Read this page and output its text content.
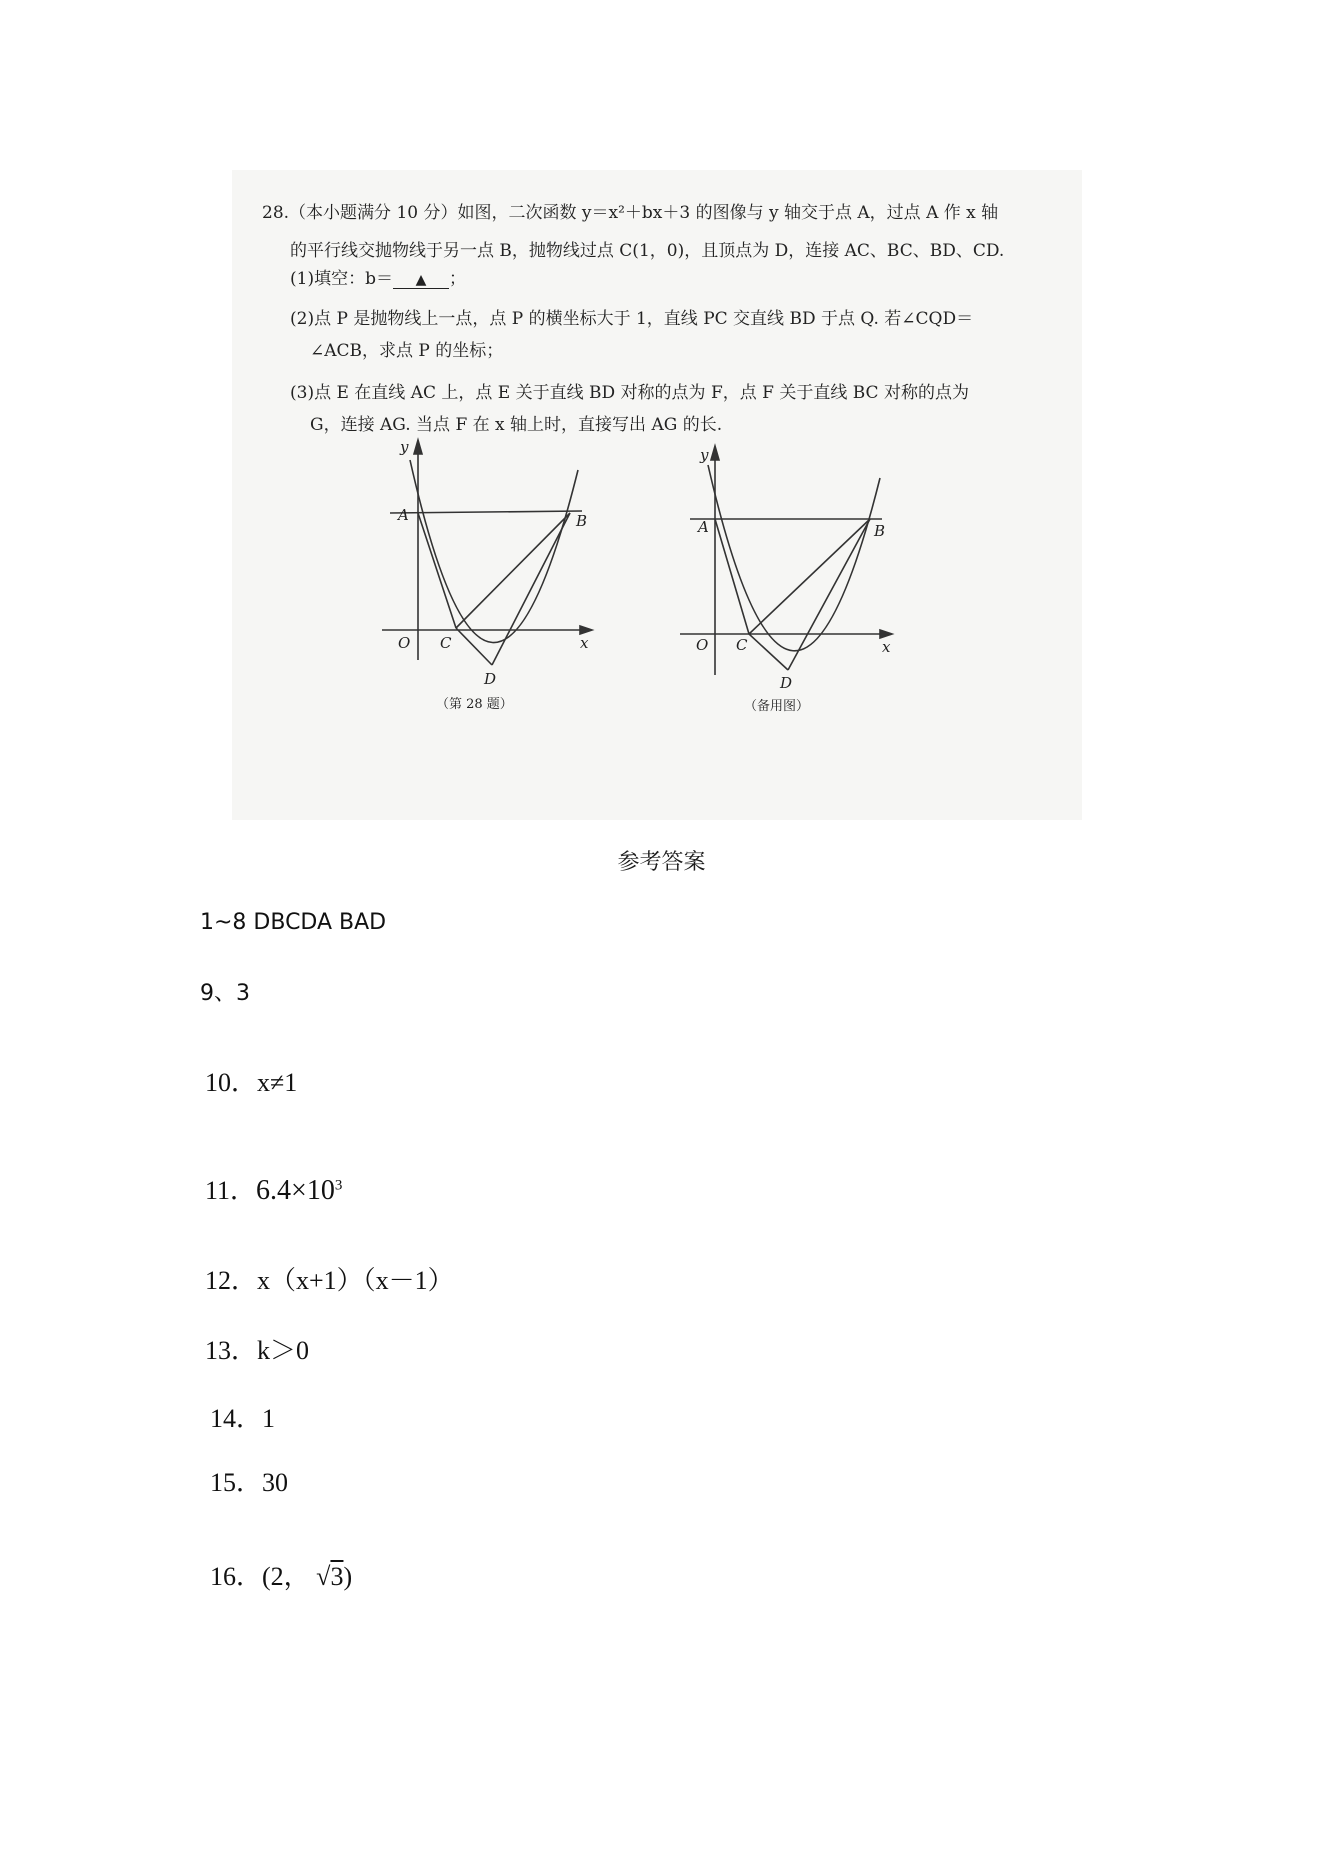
28.（本小题满分 10 分）如图，二次函数 y＝x²＋bx＋3 的图像与 y 轴交于点 A，过点 A 作 x 轴
的平行线交抛物线于另一点 B，抛物线过点 C(1，0)，且顶点为 D，连接 AC、BC、BD、CD.
(1)填空：b＝ ▲ ；
(2)点 P 是抛物线上一点，点 P 的横坐标大于 1，直线 PC 交直线 BD 于点 Q. 若∠CQD＝
∠ACB，求点 P 的坐标；
(3)点 E 在直线 AC 上，点 E 关于直线 BD 对称的点为 F，点 F 关于直线 BC 对称的点为
G，连接 AG. 当点 F 在 x 轴上时，直接写出 AG 的长.
y
A	B
O C	x
D
（第 28 题）
y
A	B
O C	x
D
（备用图）
参考答案
1~8 DBCDA BAD
9、3
10．x≠1
11．$6.4\times 10^3$
12．x（x+1）（x－1）
13．k＞0
14．1
15．30
16．(2， √3)
